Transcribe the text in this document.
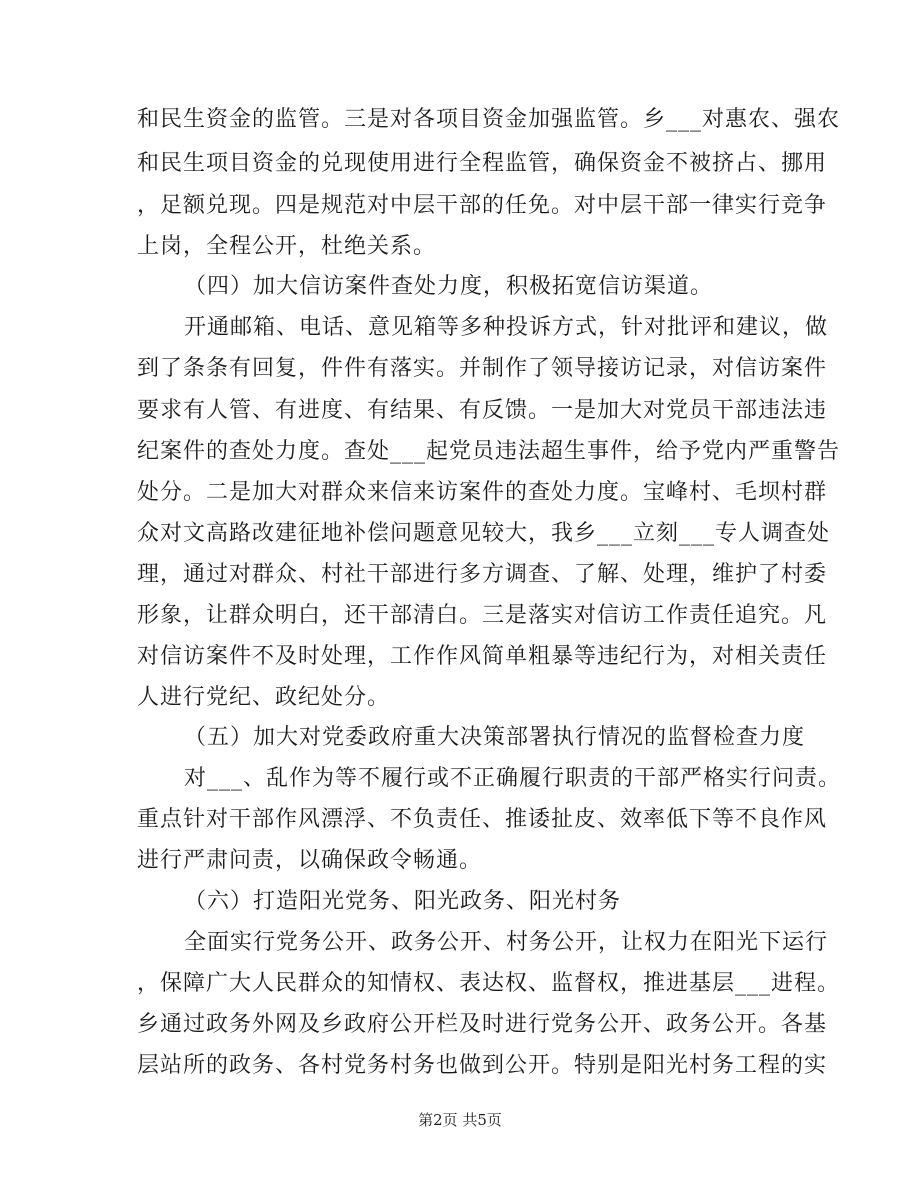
和民生资金的监管。三是对各项目资金加强监管。乡___对惠农、强农
和民生项目资金的兑现使用进行全程监管，确保资金不被挤占、挪用
，足额兑现。四是规范对中层干部的任免。对中层干部一律实行竞争
上岗，全程公开，杜绝关系。
（四）加大信访案件查处力度，积极拓宽信访渠道。
开通邮箱、电话、意见箱等多种投诉方式，针对批评和建议，做
到了条条有回复，件件有落实。并制作了领导接访记录，对信访案件
要求有人管、有进度、有结果、有反馈。一是加大对党员干部违法违
纪案件的查处力度。查处___起党员违法超生事件，给予党内严重警告
处分。二是加大对群众来信来访案件的查处力度。宝峰村、毛坝村群
众对文高路改建征地补偿问题意见较大，我乡___立刻___专人调查处
理，通过对群众、村社干部进行多方调查、了解、处理，维护了村委
形象，让群众明白，还干部清白。三是落实对信访工作责任追究。凡
对信访案件不及时处理，工作作风简单粗暴等违纪行为，对相关责任
人进行党纪、政纪处分。
（五）加大对党委政府重大决策部署执行情况的监督检查力度
对___、乱作为等不履行或不正确履行职责的干部严格实行问责。
重点针对干部作风漂浮、不负责任、推诿扯皮、效率低下等不良作风
进行严肃问责，以确保政令畅通。
（六）打造阳光党务、阳光政务、阳光村务
全面实行党务公开、政务公开、村务公开，让权力在阳光下运行
，保障广大人民群众的知情权、表达权、监督权，推进基层___进程。
乡通过政务外网及乡政府公开栏及时进行党务公开、政务公开。各基
层站所的政务、各村党务村务也做到公开。特别是阳光村务工程的实
第2页 共5页
